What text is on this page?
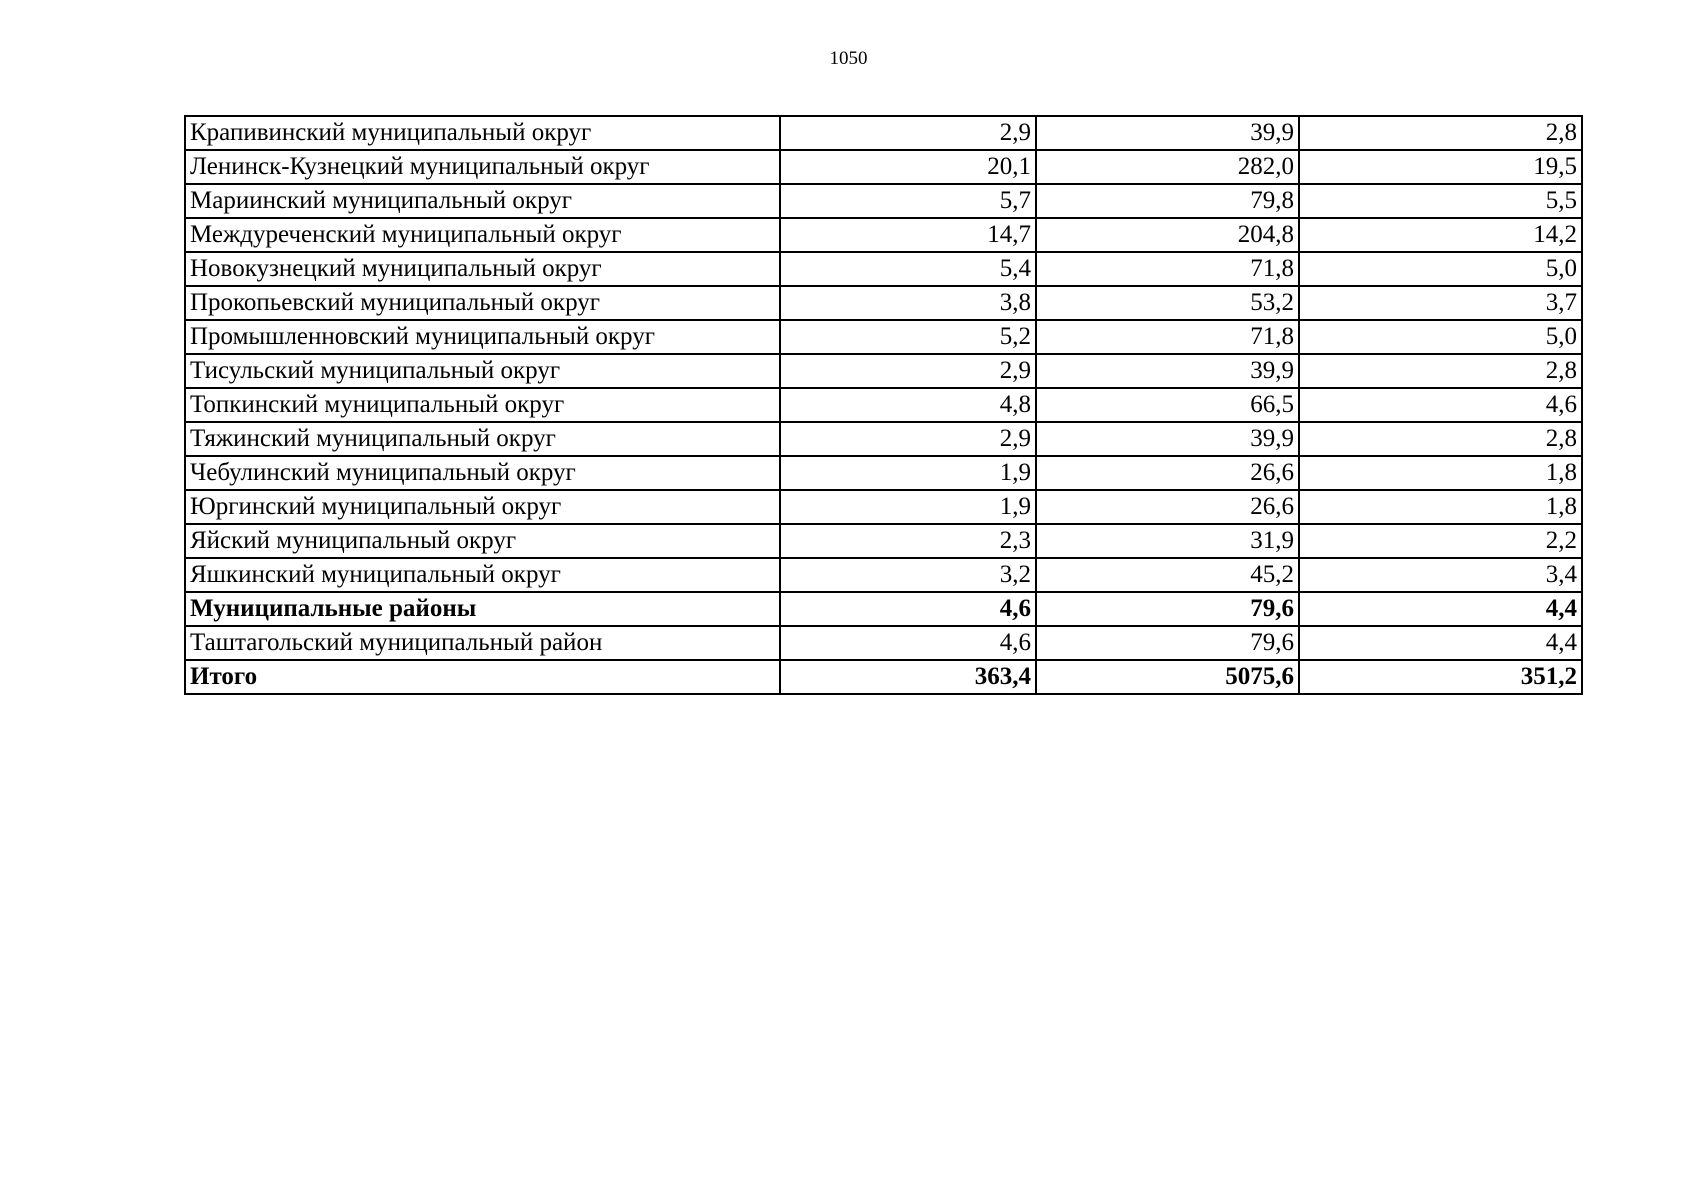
1050
Крапивинский муниципальный округ	2,9	39,9	2,8
Ленинск-Кузнецкий муниципальный округ	20,1	282,0	19,5
Мариинский муниципальный округ	5,7	79,8	5,5
Междуреченский муниципальный округ	14,7	204,8	14,2
Новокузнецкий муниципальный округ	5,4	71,8	5,0
Прокопьевский муниципальный округ	3,8	53,2	3,7
Промышленновский муниципальный округ	5,2	71,8	5,0
Тисульский муниципальный округ	2,9	39,9	2,8
Топкинский муниципальный округ	4,8	66,5	4,6
Тяжинский муниципальный округ	2,9	39,9	2,8
Чебулинский муниципальный округ	1,9	26,6	1,8
Юргинский муниципальный округ	1,9	26,6	1,8
Яйский муниципальный округ	2,3	31,9	2,2
Яшкинский муниципальный округ	3,2	45,2	3,4
Муниципальные районы	4,6	79,6	4,4
Таштагольский муниципальный район	4,6	79,6	4,4
Итого	363,4	5075,6	351,2
